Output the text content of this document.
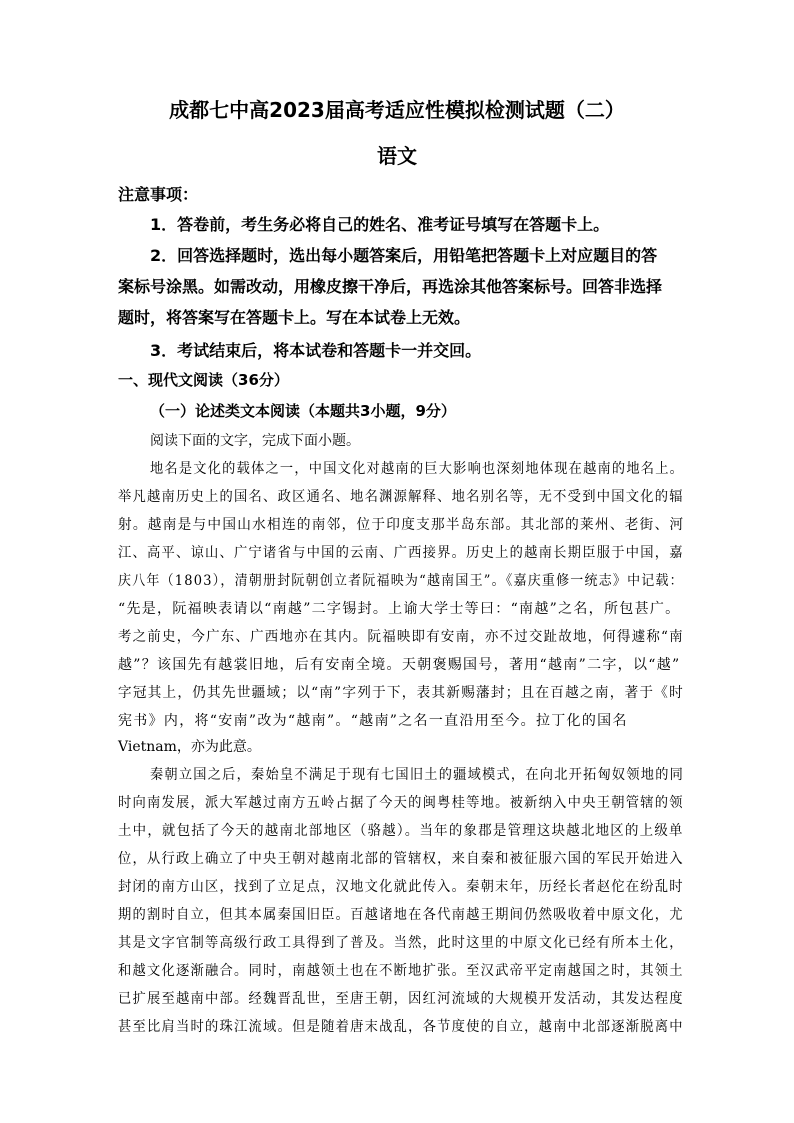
成都七中高2023届高考适应性模拟检测试题（二）
语文
注意事项：
1．答卷前，考生务必将自己的姓名、准考证号填写在答题卡上。
2．回答选择题时，选出每小题答案后，用铅笔把答题卡上对应题目的答
案标号涂黑。如需改动，用橡皮擦干净后，再选涂其他答案标号。回答非选择
题时，将答案写在答题卡上。写在本试卷上无效。
3．考试结束后，将本试卷和答题卡一并交回。
一、现代文阅读（36分）
（一）论述类文本阅读（本题共3小题，9分）
阅读下面的文字，完成下面小题。
地名是文化的载体之一，中国文化对越南的巨大影响也深刻地体现在越南的地名上。
举凡越南历史上的国名、政区通名、地名渊源解释、地名别名等，无不受到中国文化的辐
射。越南是与中国山水相连的南邻，位于印度支那半岛东部。其北部的莱州、老街、河
江、高平、谅山、广宁诸省与中国的云南、广西接界。历史上的越南长期臣服于中国，嘉
庆八年（1803），清朝册封阮朝创立者阮福映为“越南国王”。《嘉庆重修一统志》中记载：
“先是，阮福映表请以“南越”二字锡封。上谕大学士等曰：“南越”之名，所包甚广。
考之前史，今广东、广西地亦在其内。阮福映即有安南，亦不过交趾故地，何得遽称“南
越”？该国先有越裳旧地，后有安南全境。天朝褒赐国号，著用“越南”二字，以“越”
字冠其上，仍其先世疆域；以“南”字列于下，表其新赐藩封；且在百越之南，著于《时
宪书》内，将“安南”改为“越南”。“越南”之名一直沿用至今。拉丁化的国名
Vietnam，亦为此意。
秦朝立国之后，秦始皇不满足于现有七国旧土的疆域模式，在向北开拓匈奴领地的同
时向南发展，派大军越过南方五岭占据了今天的闽粤桂等地。被新纳入中央王朝管辖的领
土中，就包括了今天的越南北部地区（骆越）。当年的象郡是管理这块越北地区的上级单
位，从行政上确立了中央王朝对越南北部的管辖权，来自秦和被征服六国的军民开始进入
封闭的南方山区，找到了立足点，汉地文化就此传入。秦朝末年，历经长者赵佗在纷乱时
期的割时自立，但其本属秦国旧臣。百越诸地在各代南越王期间仍然吸收着中原文化，尤
其是文字官制等高级行政工具得到了普及。当然，此时这里的中原文化已经有所本土化，
和越文化逐渐融合。同时，南越领土也在不断地扩张。至汉武帝平定南越国之时，其领土
已扩展至越南中部。经魏晋乱世，至唐王朝，因红河流域的大规模开发活动，其发达程度
甚至比肩当时的珠江流域。但是随着唐末战乱，各节度使的自立，越南中北部逐渐脱离中
